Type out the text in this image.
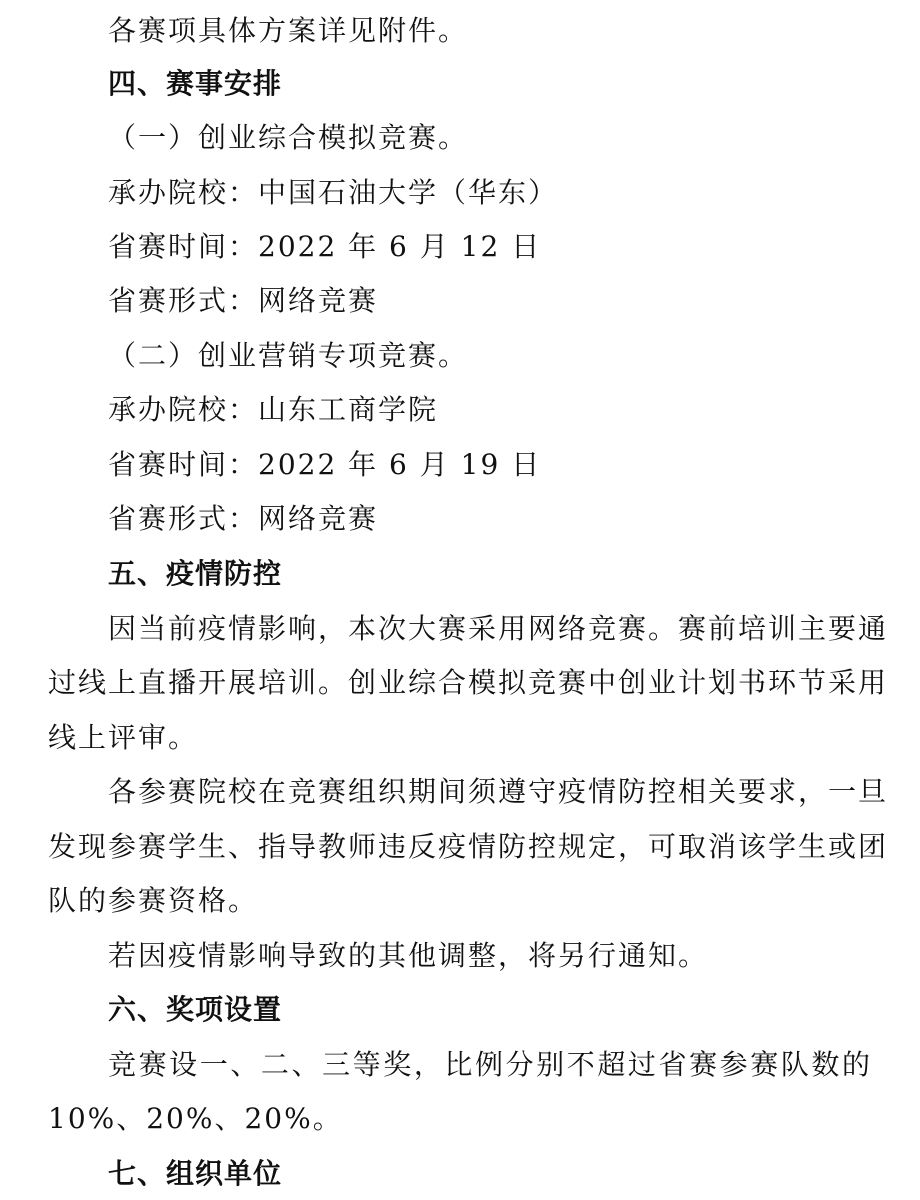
各赛项具体方案详见附件。
四、赛事安排
（一）创业综合模拟竞赛。
承办院校：中国石油大学（华东）
省赛时间：2022 年 6 月 12 日
省赛形式：网络竞赛
（二）创业营销专项竞赛。
承办院校：山东工商学院
省赛时间：2022 年 6 月 19 日
省赛形式：网络竞赛
五、疫情防控
因当前疫情影响，本次大赛采用网络竞赛。赛前培训主要通
过线上直播开展培训。创业综合模拟竞赛中创业计划书环节采用
线上评审。
各参赛院校在竞赛组织期间须遵守疫情防控相关要求，一旦
发现参赛学生、指导教师违反疫情防控规定，可取消该学生或团
队的参赛资格。
若因疫情影响导致的其他调整，将另行通知。
六、奖项设置
竞赛设一、二、三等奖，比例分别不超过省赛参赛队数的
10%、20%、20%。
七、组织单位
